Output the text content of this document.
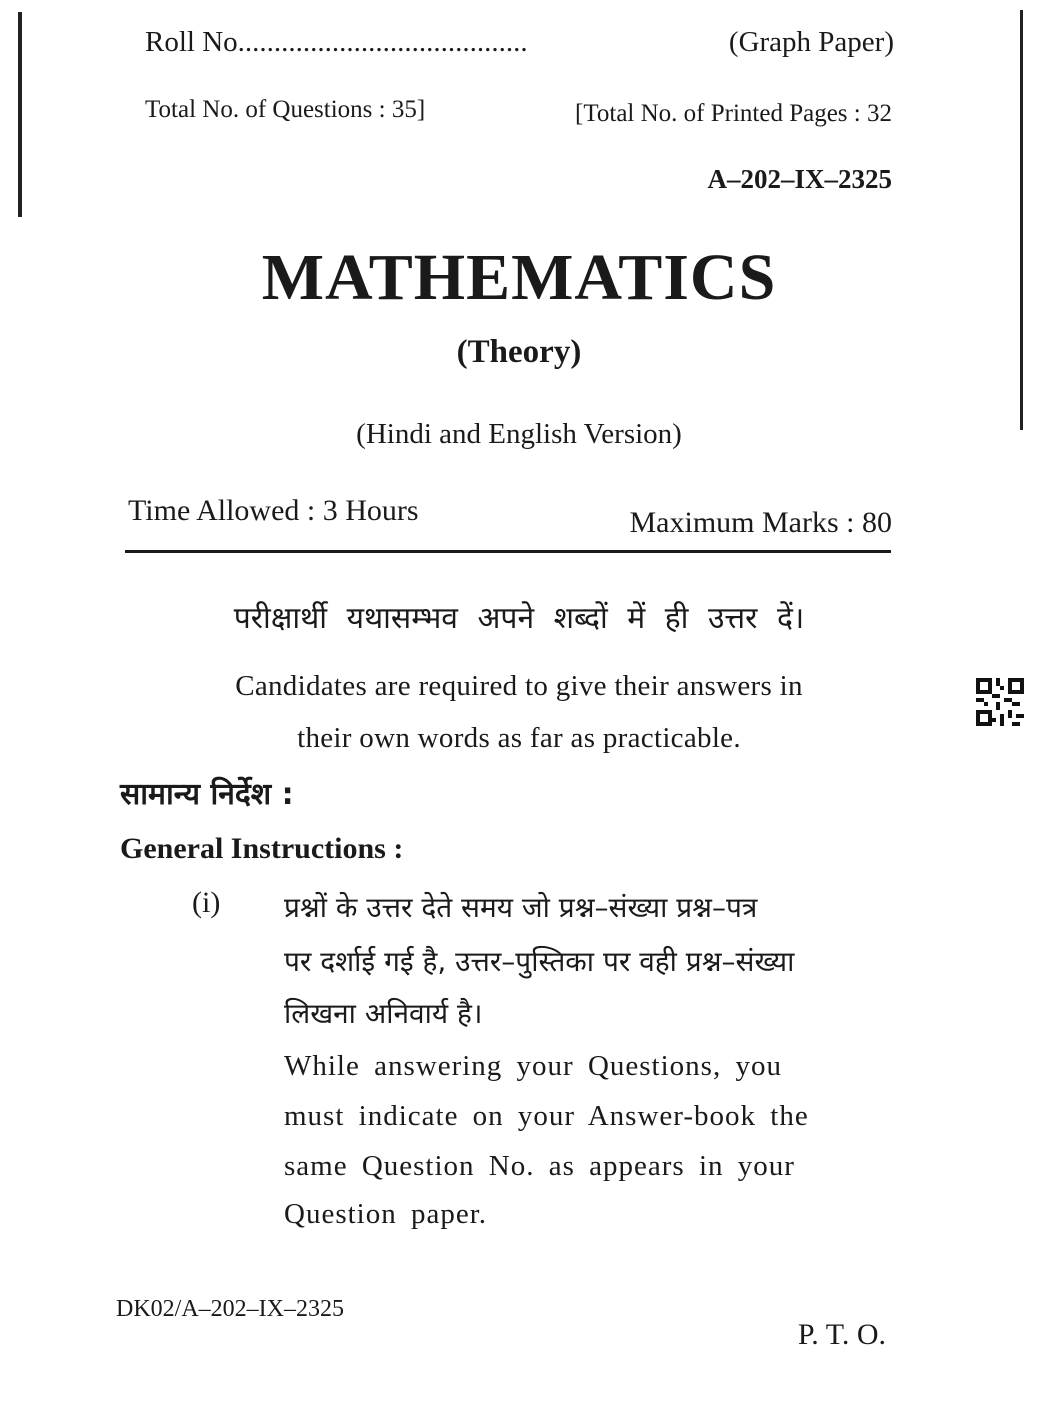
Roll No........................................	(Graph Paper)
Total No. of Questions : 35]	[Total No. of Printed Pages : 32
A–202–IX–2325
MATHEMATICS
(Theory)
(Hindi and English Version)
Time Allowed : 3 Hours	Maximum Marks : 80
परीक्षार्थी यथासम्भव अपने शब्दों में ही उत्तर दें।
Candidates are required to give their answers in
their own words as far as practicable.
सामान्य निर्देश :
General Instructions :
(i) प्रश्नों के उत्तर देते समय जो प्रश्न–संख्या प्रश्न–पत्र
पर दर्शाई गई है, उत्तर–पुस्तिका पर वही प्रश्न–संख्या
लिखना अनिवार्य है।
While answering your Questions, you
must indicate on your Answer-book the
same Question No. as appears in your
Question paper.
DK02/A–202–IX–2325
P. T. O.
